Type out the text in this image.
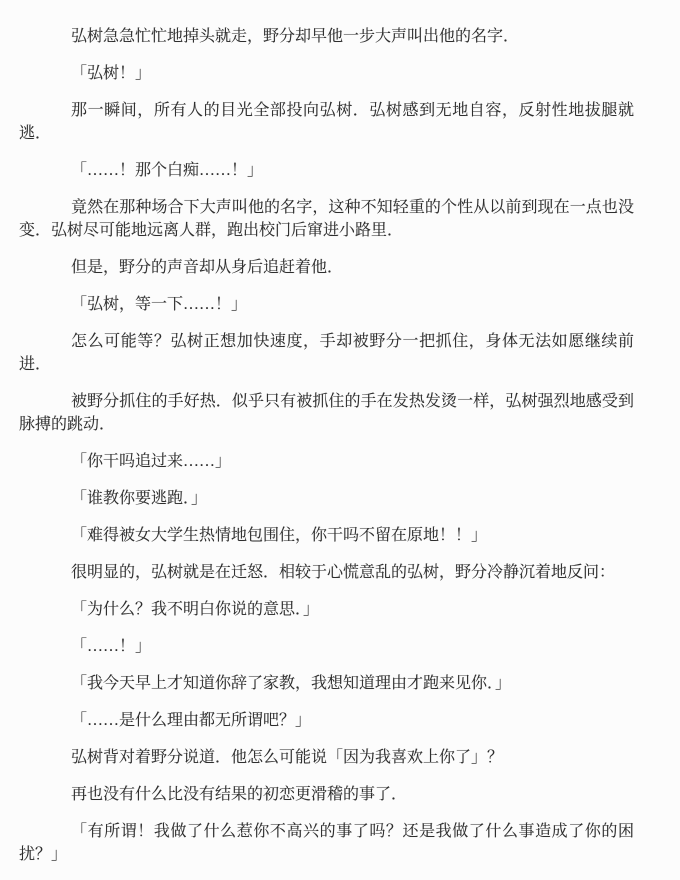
弘树急急忙忙地掉头就走，野分却早他一步大声叫出他的名字．

「弘树！」

那一瞬间，所有人的目光全部投向弘树．弘树感到无地自容，反射性地拔腿就逃．

「……！那个白痴……！」

竟然在那种场合下大声叫他的名字，这种不知轻重的个性从以前到现在一点也没变．弘树尽可能地远离人群，跑出校门后窜进小路里．

但是，野分的声音却从身后追赶着他．

「弘树，等一下……！」

怎么可能等？弘树正想加快速度，手却被野分一把抓住，身体无法如愿继续前进．

被野分抓住的手好热．似乎只有被抓住的手在发热发烫一样，弘树强烈地感受到脉搏的跳动．

「你干吗追过来……」

「谁教你要逃跑．」

「难得被女大学生热情地包围住，你干吗不留在原地！！」

很明显的，弘树就是在迁怒．相较于心慌意乱的弘树，野分冷静沉着地反问：

「为什么？我不明白你说的意思．」

「……！」

「我今天早上才知道你辞了家教，我想知道理由才跑来见你．」

「……是什么理由都无所谓吧？」

弘树背对着野分说道．他怎么可能说「因为我喜欢上你了」？

再也没有什么比没有结果的初恋更滑稽的事了．

「有所谓！我做了什么惹你不高兴的事了吗？还是我做了什么事造成了你的困扰？」
